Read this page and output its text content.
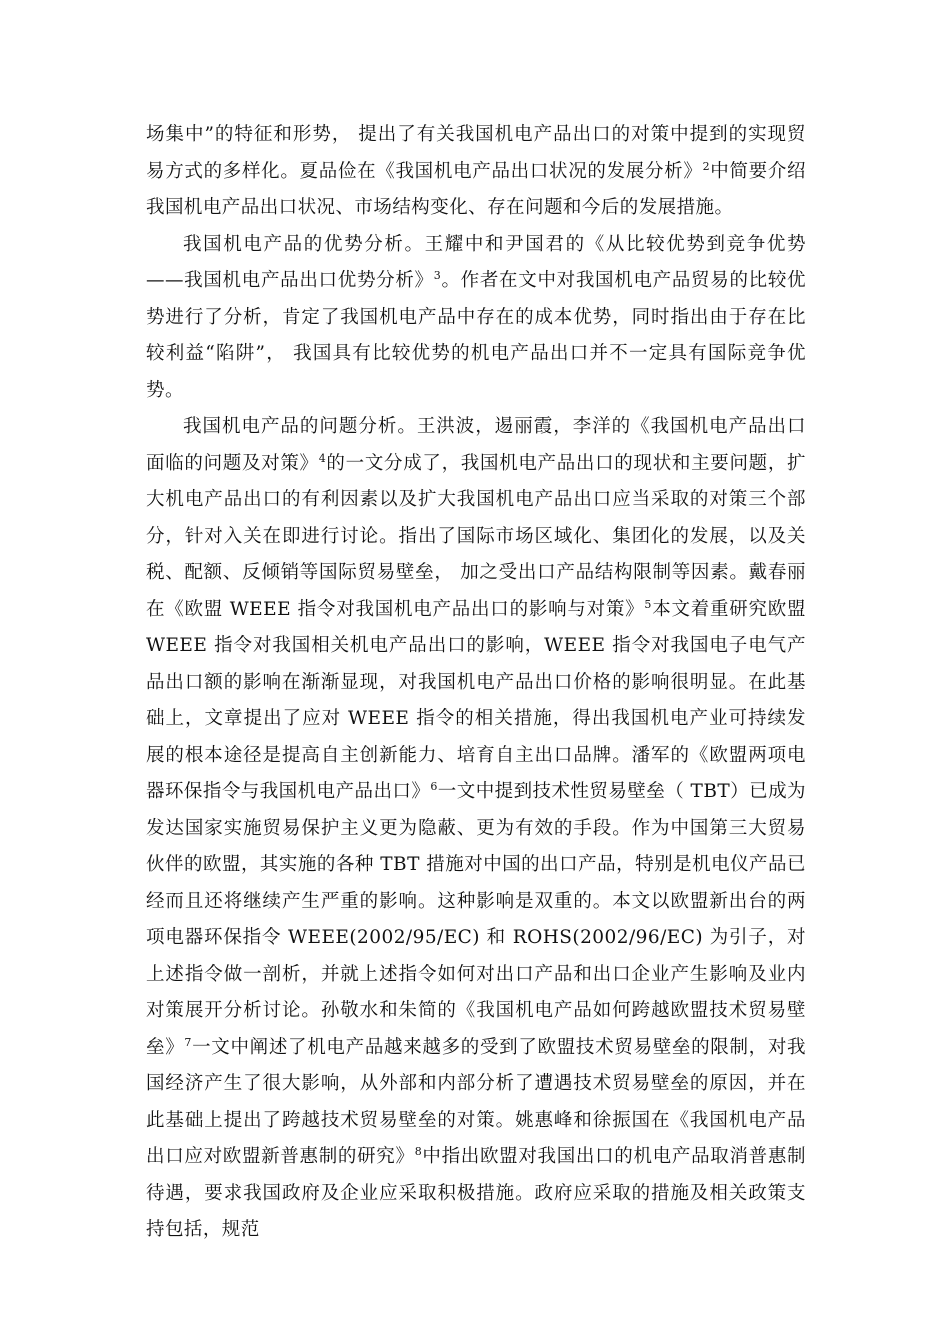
场集中”的特征和形势， 提出了有关我国机电产品出口的对策中提到的实现贸易方式的多样化。夏品俭在《我国机电产品出口状况的发展分析》$^2$中简要介绍我国机电产品出口状况、市场结构变化、存在问题和今后的发展措施。

我国机电产品的优势分析。王耀中和尹国君的《从比较优势到竞争优势——我国机电产品出口优势分析》$^3$。作者在文中对我国机电产品贸易的比较优势进行了分析，肯定了我国机电产品中存在的成本优势，同时指出由于存在比较利益“陷阱”， 我国具有比较优势的机电产品出口并不一定具有国际竞争优势。

我国机电产品的问题分析。王洪波，逷丽霞，李洋的《我国机电产品出口面临的问题及对策》$^4$的一文分成了，我国机电产品出口的现状和主要问题，扩大机电产品出口的有利因素以及扩大我国机电产品出口应当采取的对策三个部分，针对入关在即进行讨论。指出了国际市场区域化、集团化的发展，以及关税、配额、反倾销等国际贸易壁垒， 加之受出口产品结构限制等因素。戴春丽在《欧盟 WEEE 指令对我国机电产品出口的影响与对策》$^5$本文着重研究欧盟 WEEE 指令对我国相关机电产品出口的影响，WEEE 指令对我国电子电气产品出口额的影响在渐渐显现，对我国机电产品出口价格的影响很明显。在此基础上，文章提出了应对 WEEE 指令的相关措施，得出我国机电产业可持续发展的根本途径是提高自主创新能力、培育自主出口品牌。潘军的《欧盟两项电器环保指令与我国机电产品出口》$^6$一文中提到技术性贸易壁垒（ TBT）已成为发达国家实施贸易保护主义更为隐蔽、更为有效的手段。作为中国第三大贸易伙伴的欧盟，其实施的各种 TBT 措施对中国的出口产品，特别是机电仪产品已经而且还将继续产生严重的影响。这种影响是双重的。本文以欧盟新出台的两项电器环保指令 WEEE(2002/95/EC) 和 ROHS(2002/96/EC) 为引子，对上述指令做一剖析，并就上述指令如何对出口产品和出口企业产生影响及业内对策展开分析讨论。孙敬水和朱简的《我国机电产品如何跨越欧盟技术贸易壁垒》$^7$一文中阐述了机电产品越来越多的受到了欧盟技术贸易壁垒的限制，对我国经济产生了很大影响，从外部和内部分析了遭遇技术贸易壁垒的原因，并在此基础上提出了跨越技术贸易壁垒的对策。姚惠峰和徐振国在《我国机电产品出口应对欧盟新普惠制的研究》$^8$中指出欧盟对我国出口的机电产品取消普惠制待遇，要求我国政府及企业应采取积极措施。政府应采取的措施及相关政策支持包括，规范
